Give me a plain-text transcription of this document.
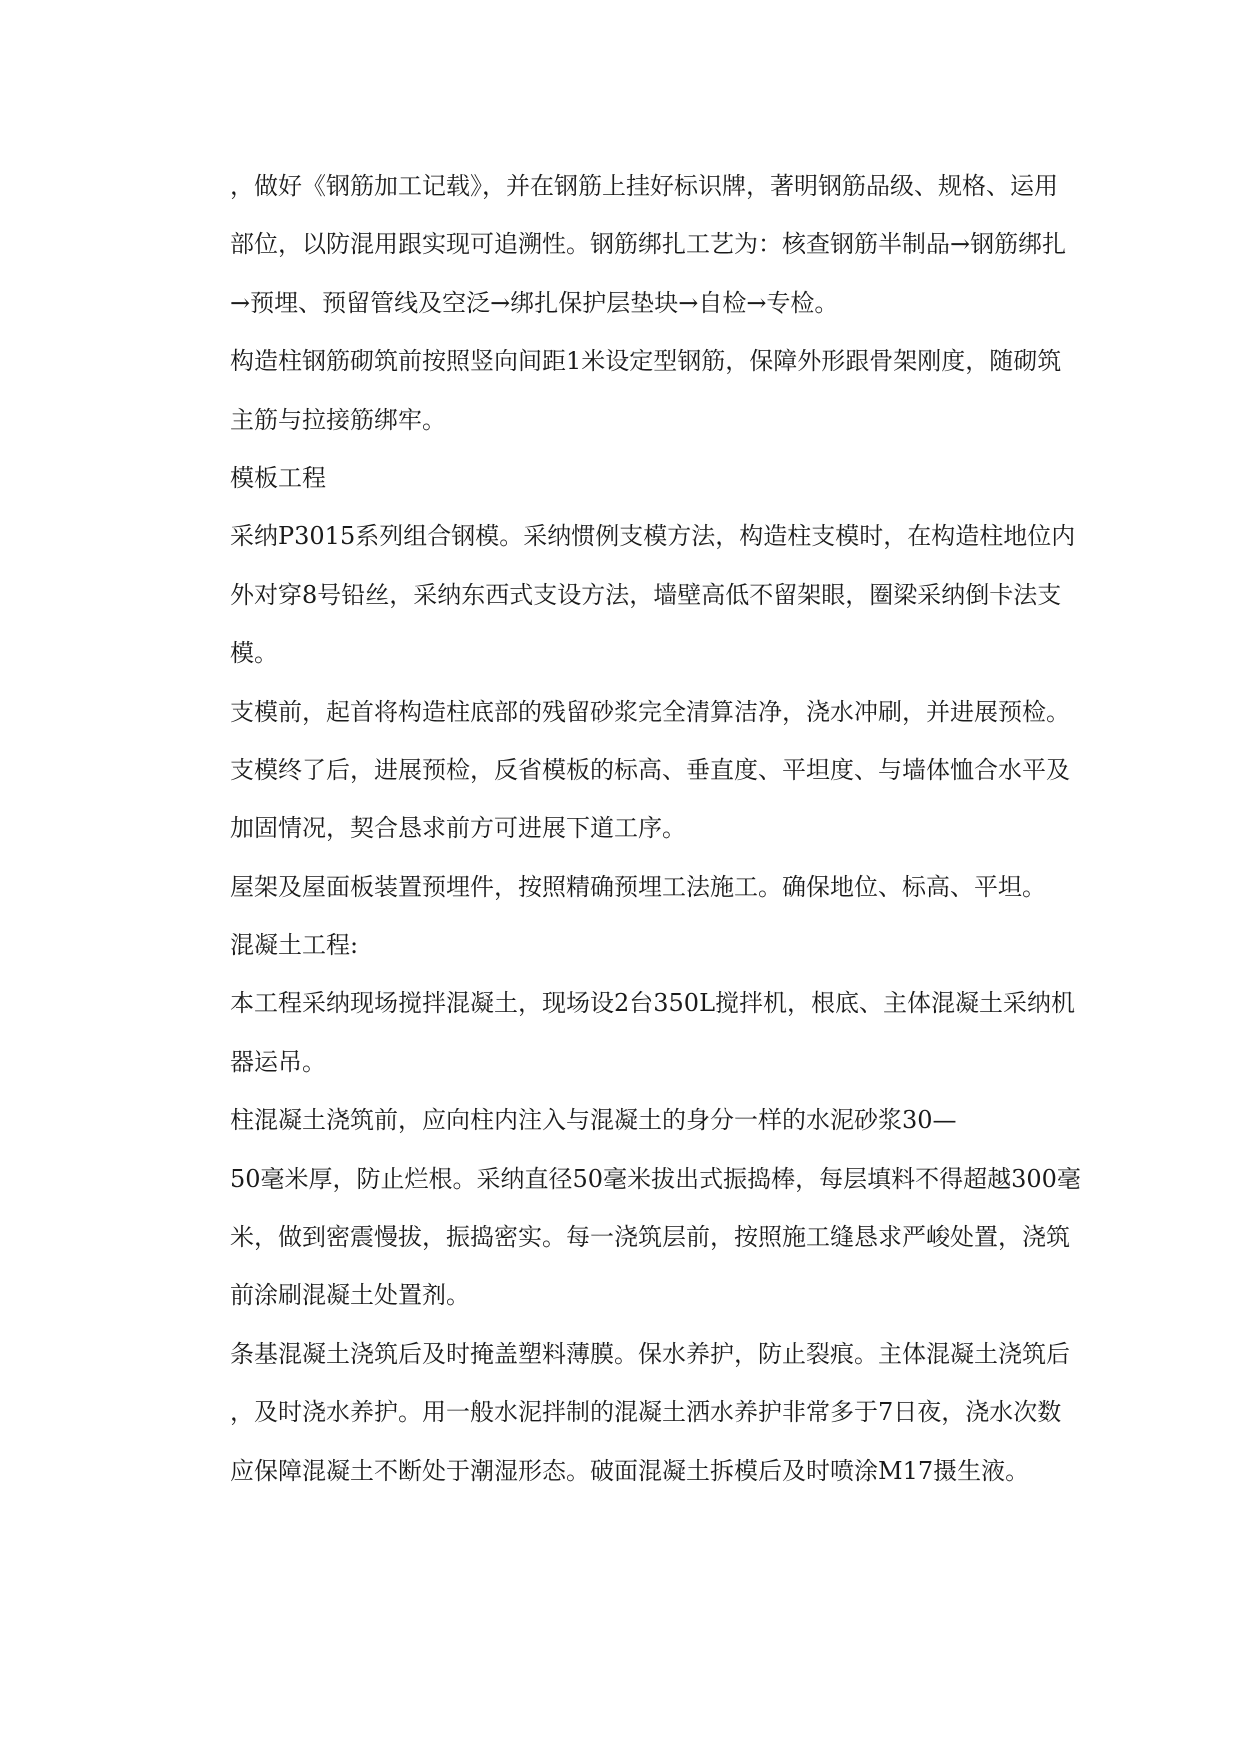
，做好《钢筋加工记载》，并在钢筋上挂好标识牌，著明钢筋品级、规格、运用
部位，以防混用跟实现可追溯性。钢筋绑扎工艺为：核查钢筋半制品→钢筋绑扎
→预埋、预留管线及空泛→绑扎保护层垫块→自检→专检。
构造柱钢筋砌筑前按照竖向间距1米设定型钢筋，保障外形跟骨架刚度，随砌筑
主筋与拉接筋绑牢。
模板工程
采纳P3015系列组合钢模。采纳惯例支模方法，构造柱支模时，在构造柱地位内
外对穿8号铅丝，采纳东西式支设方法，墙壁高低不留架眼，圈梁采纳倒卡法支
模。
支模前，起首将构造柱底部的残留砂浆完全清算洁净，浇水冲刷，并进展预检。
支模终了后，进展预检，反省模板的标高、垂直度、平坦度、与墙体恤合水平及
加固情况，契合恳求前方可进展下道工序。
屋架及屋面板装置预埋件，按照精确预埋工法施工。确保地位、标高、平坦。
混凝土工程:
本工程采纳现场搅拌混凝土，现场设2台350L搅拌机，根底、主体混凝土采纳机
器运吊。
柱混凝土浇筑前，应向柱内注入与混凝土的身分一样的水泥砂浆30—
50毫米厚，防止烂根。采纳直径50毫米拔出式振捣棒，每层填料不得超越300毫
米，做到密震慢拔，振捣密实。每一浇筑层前，按照施工缝恳求严峻处置，浇筑
前涂刷混凝土处置剂。
条基混凝土浇筑后及时掩盖塑料薄膜。保水养护，防止裂痕。主体混凝土浇筑后
，及时浇水养护。用一般水泥拌制的混凝土洒水养护非常多于7日夜，浇水次数
应保障混凝土不断处于潮湿形态。破面混凝土拆模后及时喷涂M17摄生液。
